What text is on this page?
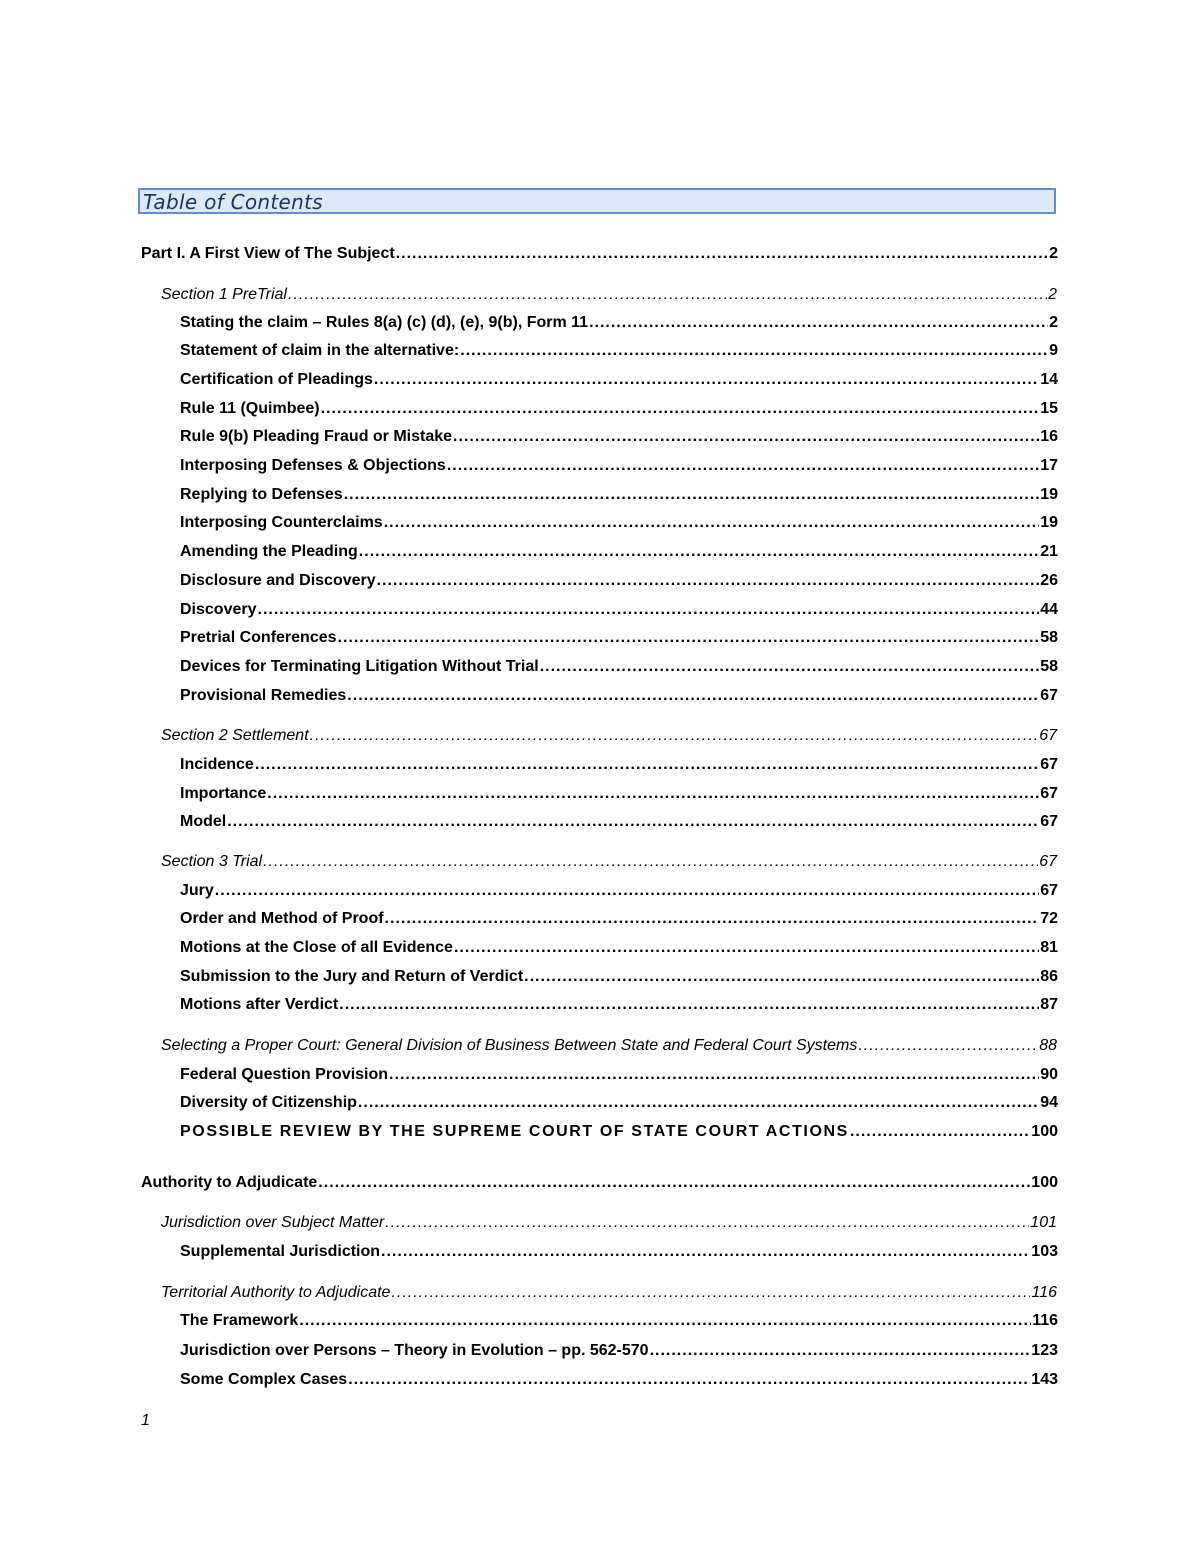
Table of Contents
Part I. A First View of The Subject .....	2
Section 1 PreTrial .....	2
Stating the claim – Rules 8(a) (c) (d), (e), 9(b), Form 11 .....	2
Statement of claim in the alternative: .....	9
Certification of Pleadings .....	14
Rule 11 (Quimbee) .....	15
Rule 9(b) Pleading Fraud or Mistake .....	16
Interposing Defenses & Objections .....	17
Replying to Defenses .....	19
Interposing Counterclaims .....	19
Amending the Pleading .....	21
Disclosure and Discovery .....	26
Discovery .....	44
Pretrial Conferences .....	58
Devices for Terminating Litigation Without Trial .....	58
Provisional Remedies .....	67
Section 2 Settlement .....	67
Incidence .....	67
Importance .....	67
Model .....	67
Section 3 Trial .....	67
Jury .....	67
Order and Method of Proof .....	72
Motions at the Close of all Evidence .....	81
Submission to the Jury and Return of Verdict .....	86
Motions after Verdict .....	87
Selecting a Proper Court: General Division of Business Between State and Federal Court Systems .....	88
Federal Question Provision .....	90
Diversity of Citizenship .....	94
POSSIBLE REVIEW BY THE SUPREME COURT OF STATE COURT ACTIONS .....	100
Authority to Adjudicate .....	100
Jurisdiction over Subject Matter .....	101
Supplemental Jurisdiction .....	103
Territorial Authority to Adjudicate .....	116
The Framework .....	116
Jurisdiction over Persons – Theory in Evolution – pp. 562-570 .....	123
Some Complex Cases .....	143
1
